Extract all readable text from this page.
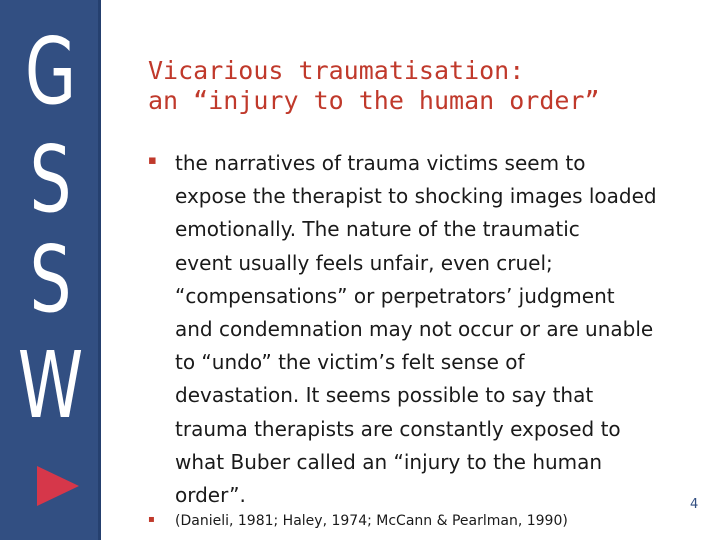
G
S
S
W
Vicarious traumatisation:
an “injury to the human order”
▪ the narratives of trauma victims seem to
expose the therapist to shocking images loaded
emotionally. The nature of the traumatic
event usually feels unfair, even cruel;
“compensations” or perpetrators’ judgment
and condemnation may not occur or are unable
to “undo” the victim’s felt sense of
devastation. It seems possible to say that
trauma therapists are constantly exposed to
what Buber called an “injury to the human
order”.
▪ (Danieli, 1981; Haley, 1974; McCann & Pearlman, 1990)
4
